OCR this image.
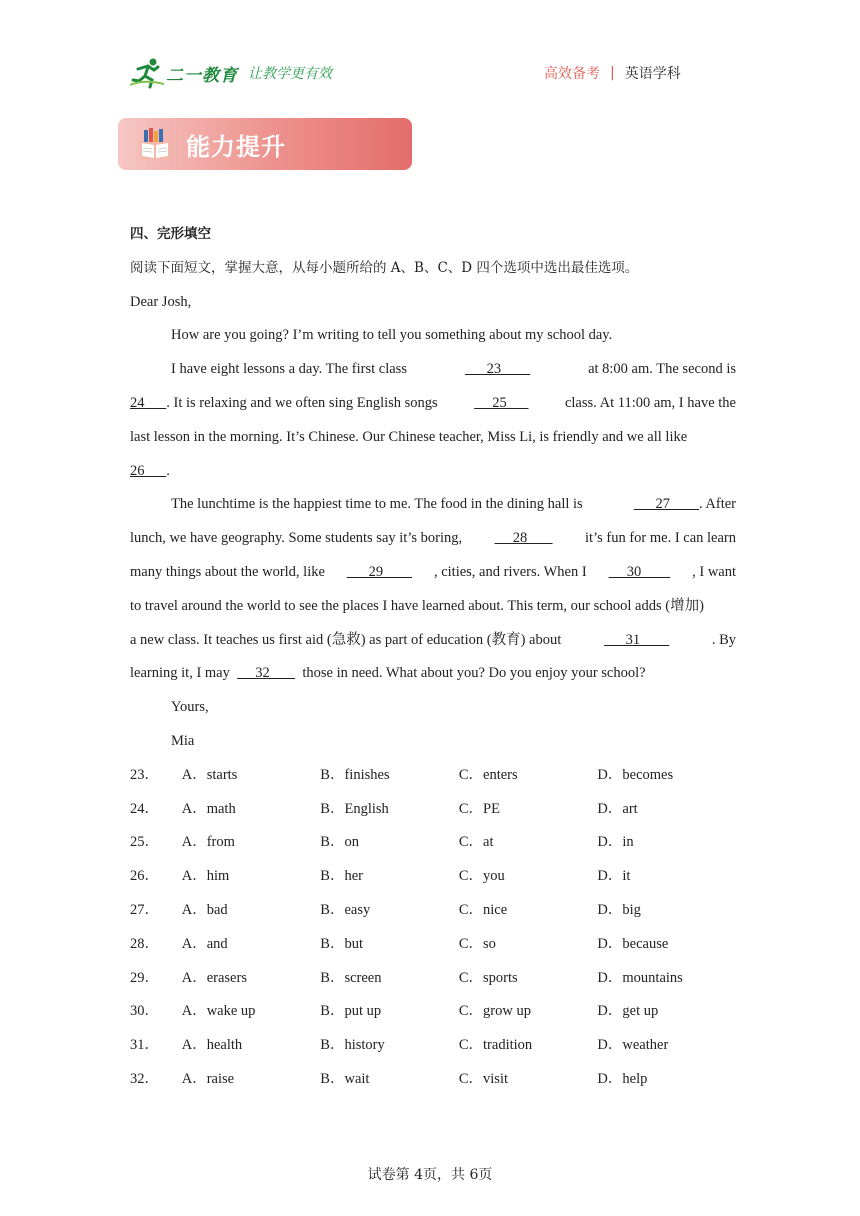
二一教育 让教学更有效	高效备考 | 英语学科
能力提升
四、完形填空
阅读下面短文，掌握大意，从每小题所给的 A、B、C、D 四个选项中选出最佳选项。
Dear Josh,
How are you going? I’m writing to tell you something about my school day.
I have eight lessons a day. The first class	23	at 8:00 am. The second is
24      . It is relaxing and we often sing English songs	25	class. At 11:00 am, I have the
last lesson in the morning. It’s Chinese. Our Chinese teacher, Miss Li, is friendly and we all like
26      .
The lunchtime is the happiest time to me. The food in the dining hall is	27        . After
lunch, we have geography. Some students say it’s boring, 28 it’s fun for me. I can learn
many things about the world, like 29 , cities, and rivers. When I 30 , I want
to travel around the world to see the places I have learned about. This term, our school adds (增加)
a new class. It teaches us first aid (急救) as part of education (教育) about	31	. By
learning it, I may       32         those in need. What about you? Do you enjoy your school?
Yours,
Mia
23．	A．starts	B．finishes	C．enters	D．becomes
24．	A．math	B．English	C．PE	D．art
25．	A．from	B．on	C．at	D．in
26．	A．him	B．her	C．you	D．it
27．	A．bad	B．easy	C．nice	D．big
28．	A．and	B．but	C．so	D．because
29．	A．erasers	B．screen	C．sports	D．mountains
30．	A．wake up	B．put up	C．grow up	D．get up
31．	A．health	B．history	C．tradition	D．weather
32．	A．raise	B．wait	C．visit	D．help
试卷第 4页，共 6页
